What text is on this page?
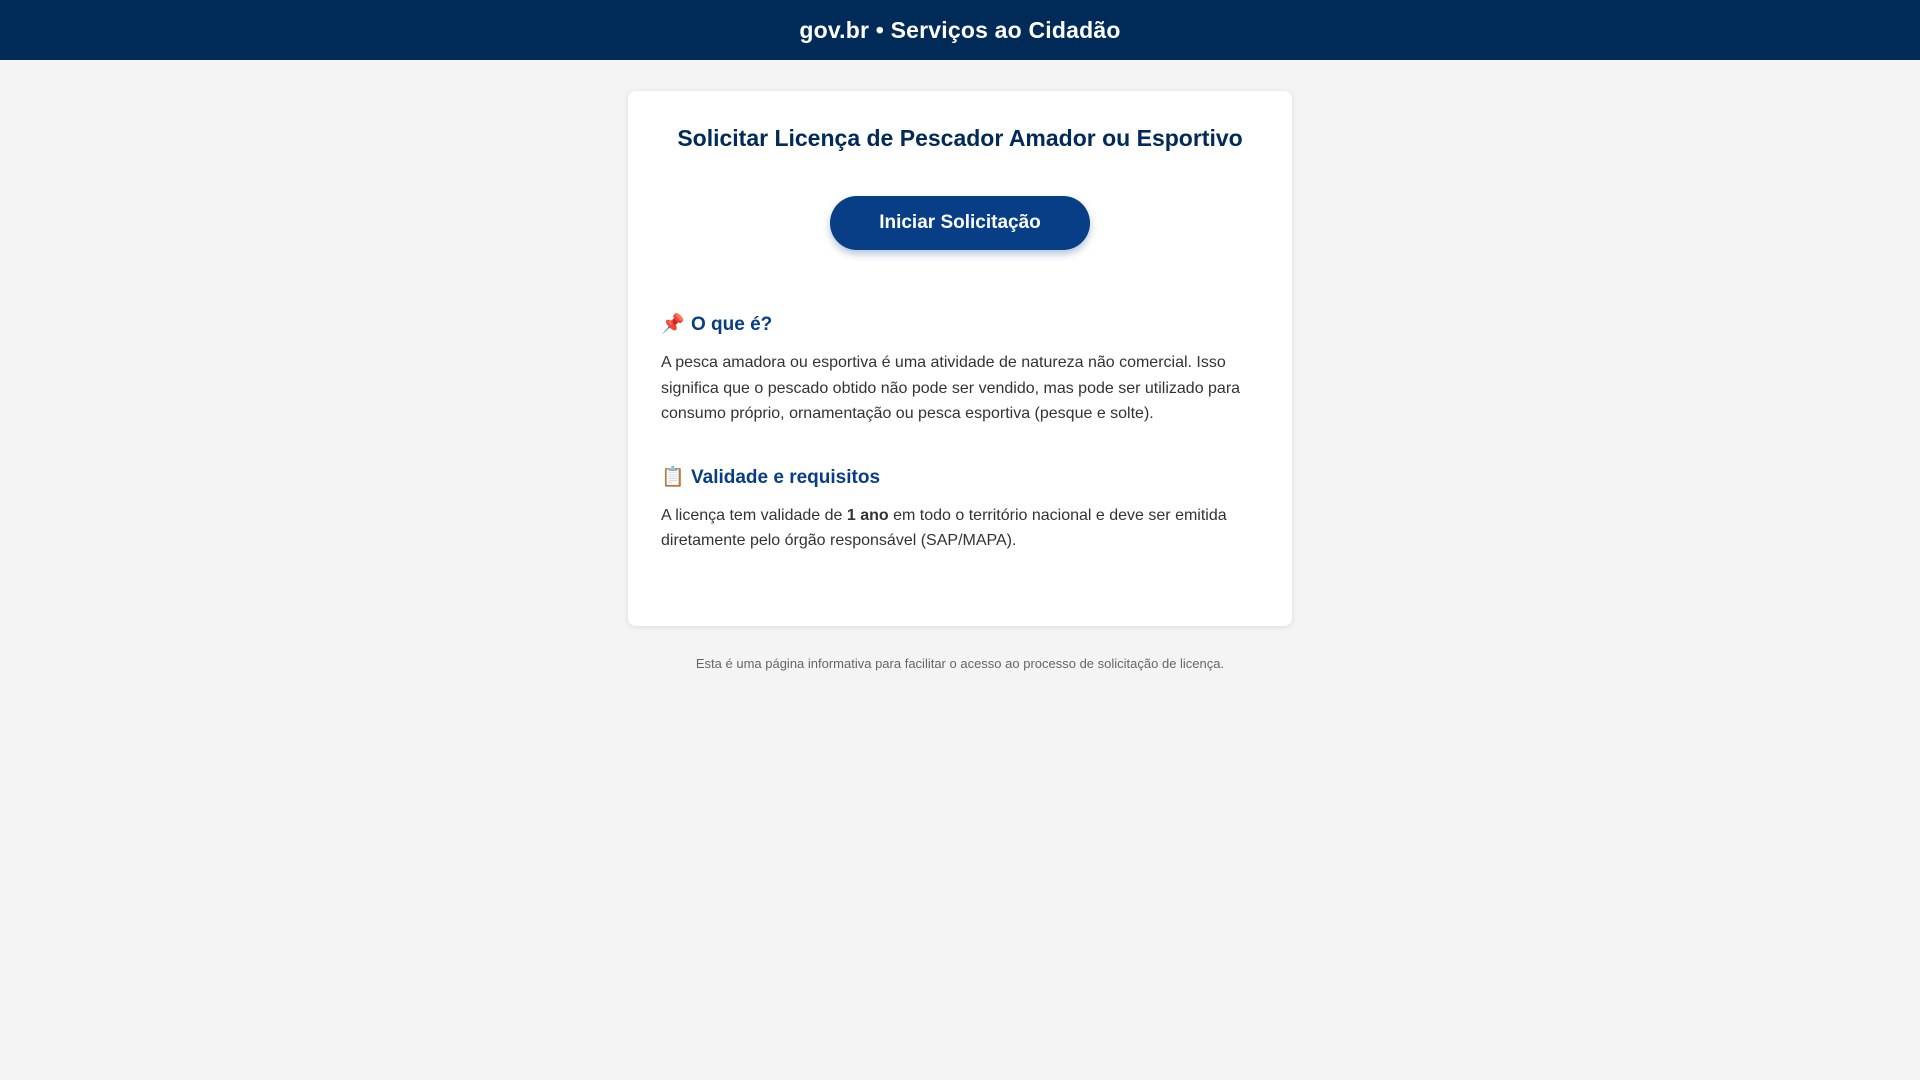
gov.br • Serviços ao Cidadão
Solicitar Licença de Pescador Amador ou Esportivo
Iniciar Solicitação
📌 O que é?

A pesca amadora ou esportiva é uma atividade de natureza não comercial. Isso significa que o pescado obtido não pode ser vendido, mas pode ser utilizado para consumo próprio, ornamentação ou pesca esportiva (pesque e solte).

📋 Validade e requisitos

A licença tem validade de 1 ano em todo o território nacional e deve ser emitida diretamente pelo órgão responsável (SAP/MAPA).

Esta é uma página informativa para facilitar o acesso ao processo de solicitação de licença.
